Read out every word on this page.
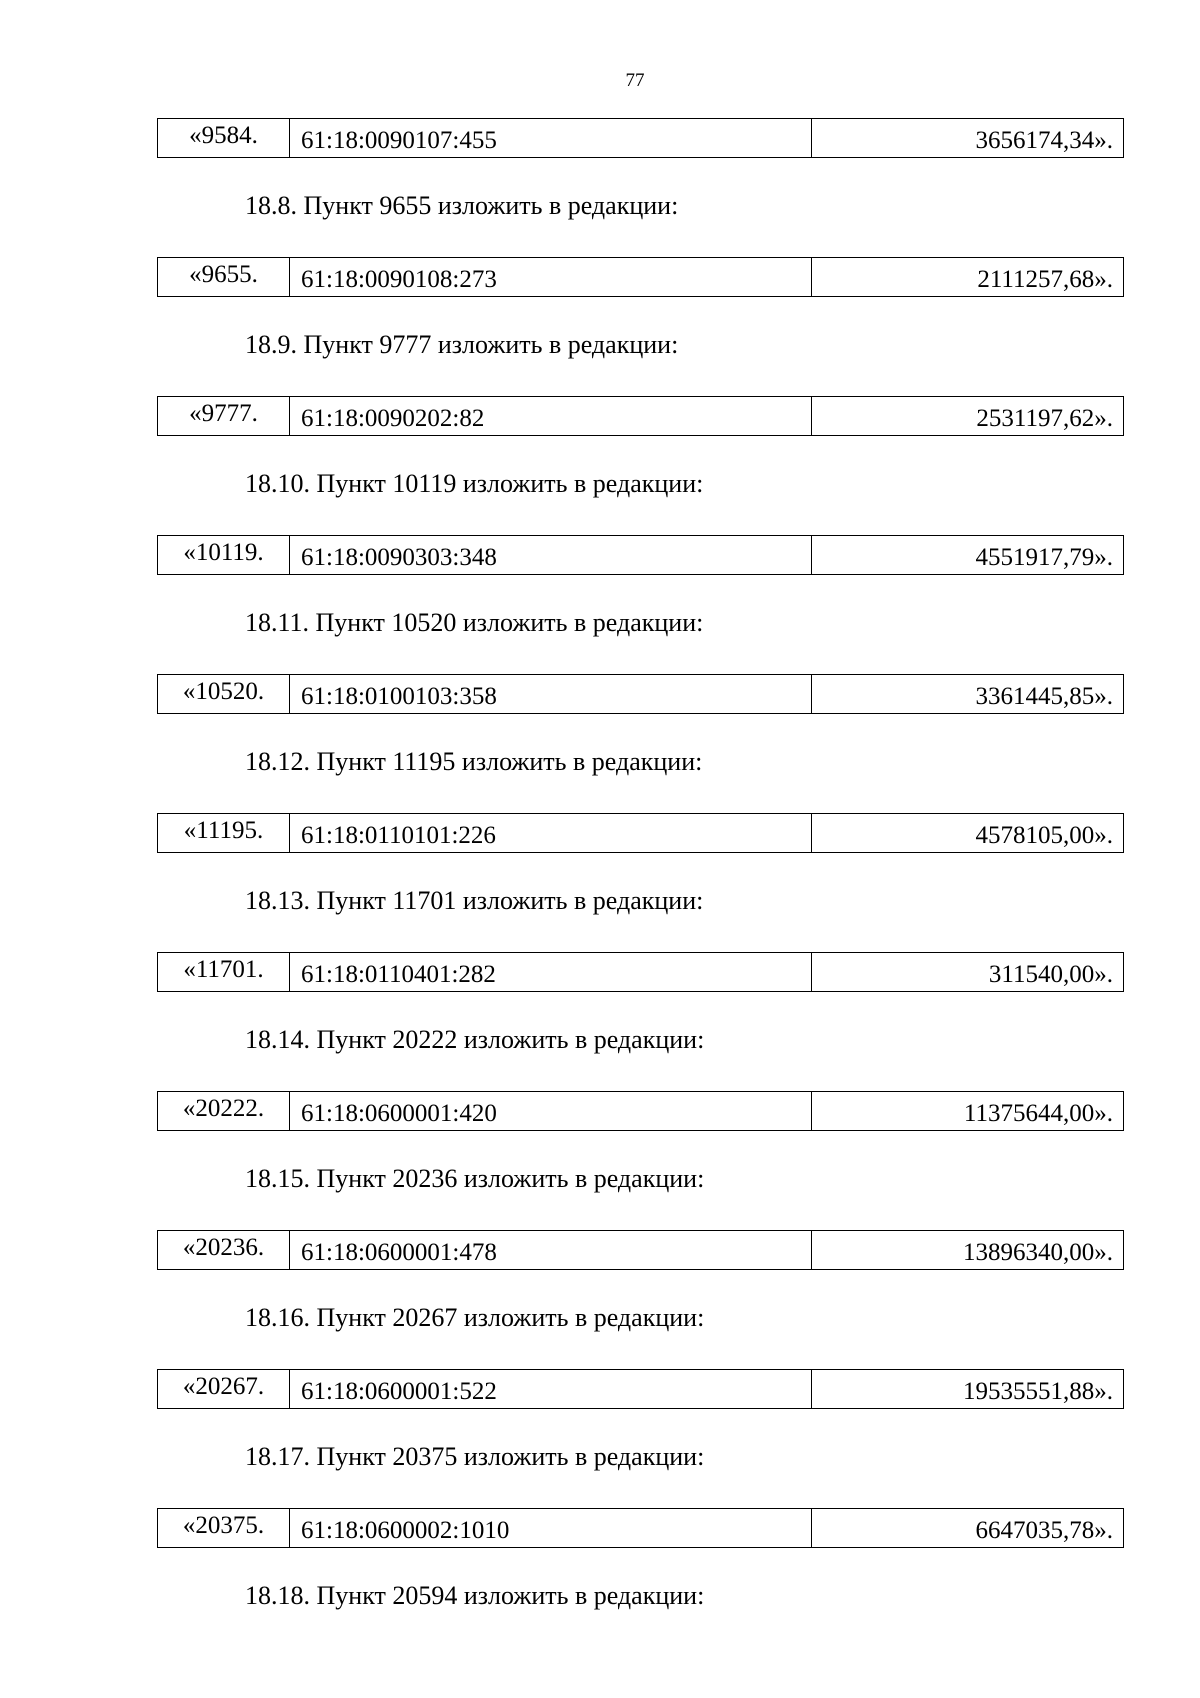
77
«9584.	61:18:0090107:455	3656174,34».
18.8. Пункт 9655 изложить в редакции:
«9655.	61:18:0090108:273	2111257,68».
18.9. Пункт 9777 изложить в редакции:
«9777.	61:18:0090202:82	2531197,62».
18.10. Пункт 10119 изложить в редакции:
«10119.	61:18:0090303:348	4551917,79».
18.11. Пункт 10520 изложить в редакции:
«10520.	61:18:0100103:358	3361445,85».
18.12. Пункт 11195 изложить в редакции:
«11195.	61:18:0110101:226	4578105,00».
18.13. Пункт 11701 изложить в редакции:
«11701.	61:18:0110401:282	311540,00».
18.14. Пункт 20222 изложить в редакции:
«20222.	61:18:0600001:420	11375644,00».
18.15. Пункт 20236 изложить в редакции:
«20236.	61:18:0600001:478	13896340,00».
18.16. Пункт 20267 изложить в редакции:
«20267.	61:18:0600001:522	19535551,88».
18.17. Пункт 20375 изложить в редакции:
«20375.	61:18:0600002:1010	6647035,78».
18.18. Пункт 20594 изложить в редакции:
